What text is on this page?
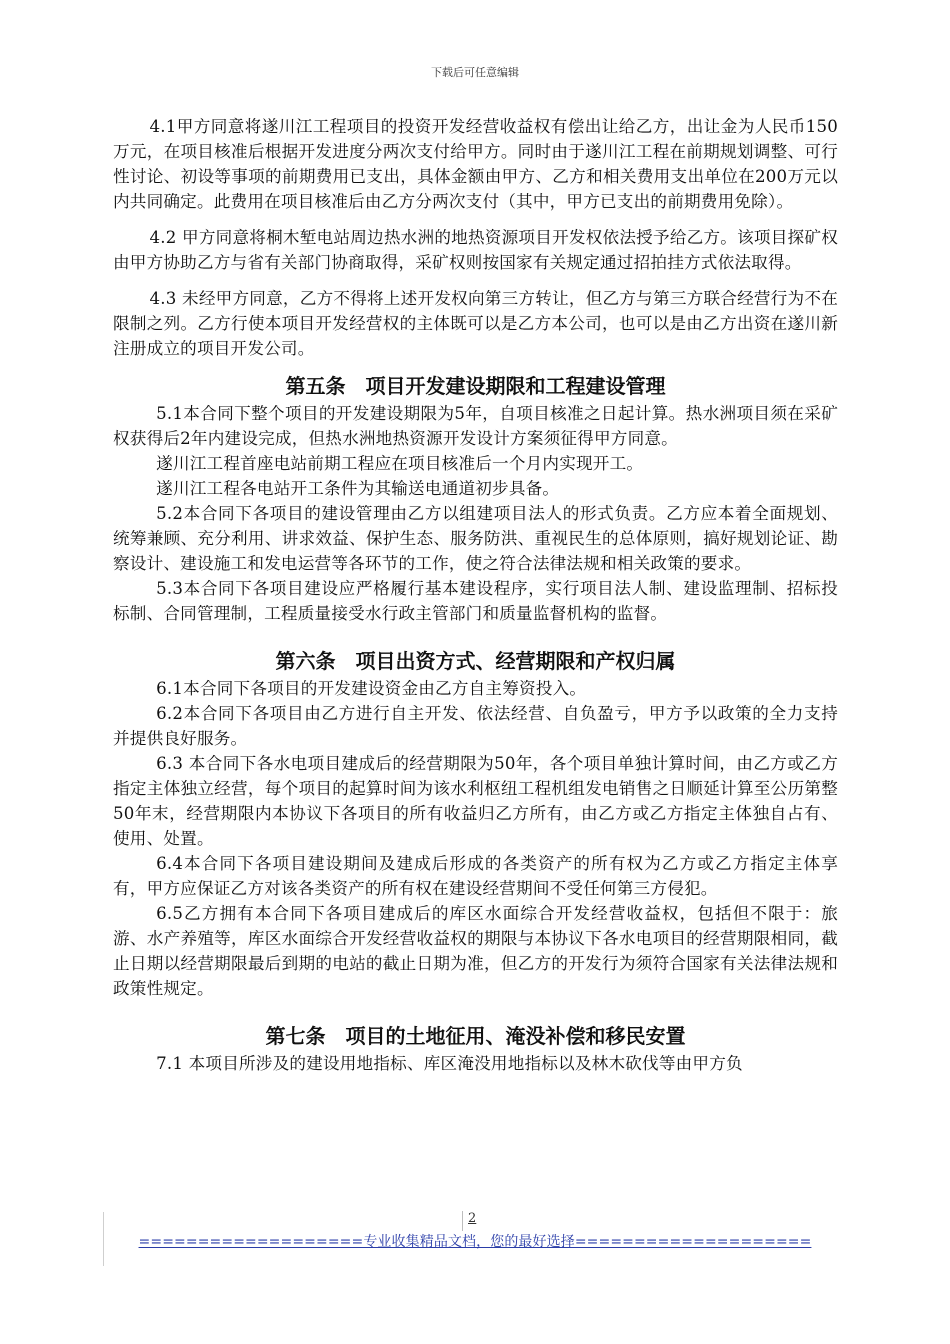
下载后可任意编辑

4.1甲方同意将遂川江工程项目的投资开发经营收益权有偿出让给乙方，出让金为人民币150万元，在项目核准后根据开发进度分两次支付给甲方。同时由于遂川江工程在前期规划调整、可行性讨论、初设等事项的前期费用已支出，具体金额由甲方、乙方和相关费用支出单位在200万元以内共同确定。此费用在项目核准后由乙方分两次支付（其中，甲方已支出的前期费用免除）。

4.2 甲方同意将桐木堑电站周边热水洲的地热资源项目开发权依法授予给乙方。该项目探矿权由甲方协助乙方与省有关部门协商取得，采矿权则按国家有关规定通过招拍挂方式依法取得。

4.3 未经甲方同意，乙方不得将上述开发权向第三方转让，但乙方与第三方联合经营行为不在限制之列。乙方行使本项目开发经营权的主体既可以是乙方本公司，也可以是由乙方出资在遂川新注册成立的项目开发公司。

第五条　项目开发建设期限和工程建设管理

5.1本合同下整个项目的开发建设期限为5年，自项目核准之日起计算。热水洲项目须在采矿权获得后2年内建设完成，但热水洲地热资源开发设计方案须征得甲方同意。

遂川江工程首座电站前期工程应在项目核准后一个月内实现开工。

遂川江工程各电站开工条件为其输送电通道初步具备。

5.2本合同下各项目的建设管理由乙方以组建项目法人的形式负责。乙方应本着全面规划、统筹兼顾、充分利用、讲求效益、保护生态、服务防洪、重视民生的总体原则，搞好规划论证、勘察设计、建设施工和发电运营等各环节的工作，使之符合法律法规和相关政策的要求。

5.3本合同下各项目建设应严格履行基本建设程序，实行项目法人制、建设监理制、招标投标制、合同管理制，工程质量接受水行政主管部门和质量监督机构的监督。

第六条　项目出资方式、经营期限和产权归属

6.1本合同下各项目的开发建设资金由乙方自主筹资投入。

6.2本合同下各项目由乙方进行自主开发、依法经营、自负盈亏，甲方予以政策的全力支持并提供良好服务。

6.3 本合同下各水电项目建成后的经营期限为50年，各个项目单独计算时间，由乙方或乙方指定主体独立经营，每个项目的起算时间为该水利枢纽工程机组发电销售之日顺延计算至公历第整50年末，经营期限内本协议下各项目的所有收益归乙方所有，由乙方或乙方指定主体独自占有、使用、处置。

6.4本合同下各项目建设期间及建成后形成的各类资产的所有权为乙方或乙方指定主体享有，甲方应保证乙方对该各类资产的所有权在建设经营期间不受任何第三方侵犯。

6.5乙方拥有本合同下各项目建成后的库区水面综合开发经营收益权，包括但不限于：旅游、水产养殖等，库区水面综合开发经营收益权的期限与本协议下各水电项目的经营期限相同，截止日期以经营期限最后到期的电站的截止日期为准，但乙方的开发行为须符合国家有关法律法规和政策性规定。

第七条　项目的土地征用、淹没补偿和移民安置

7.1 本项目所涉及的建设用地指标、库区淹没用地指标以及林木砍伐等由甲方负

2
===================专业收集精品文档，您的最好选择====================
